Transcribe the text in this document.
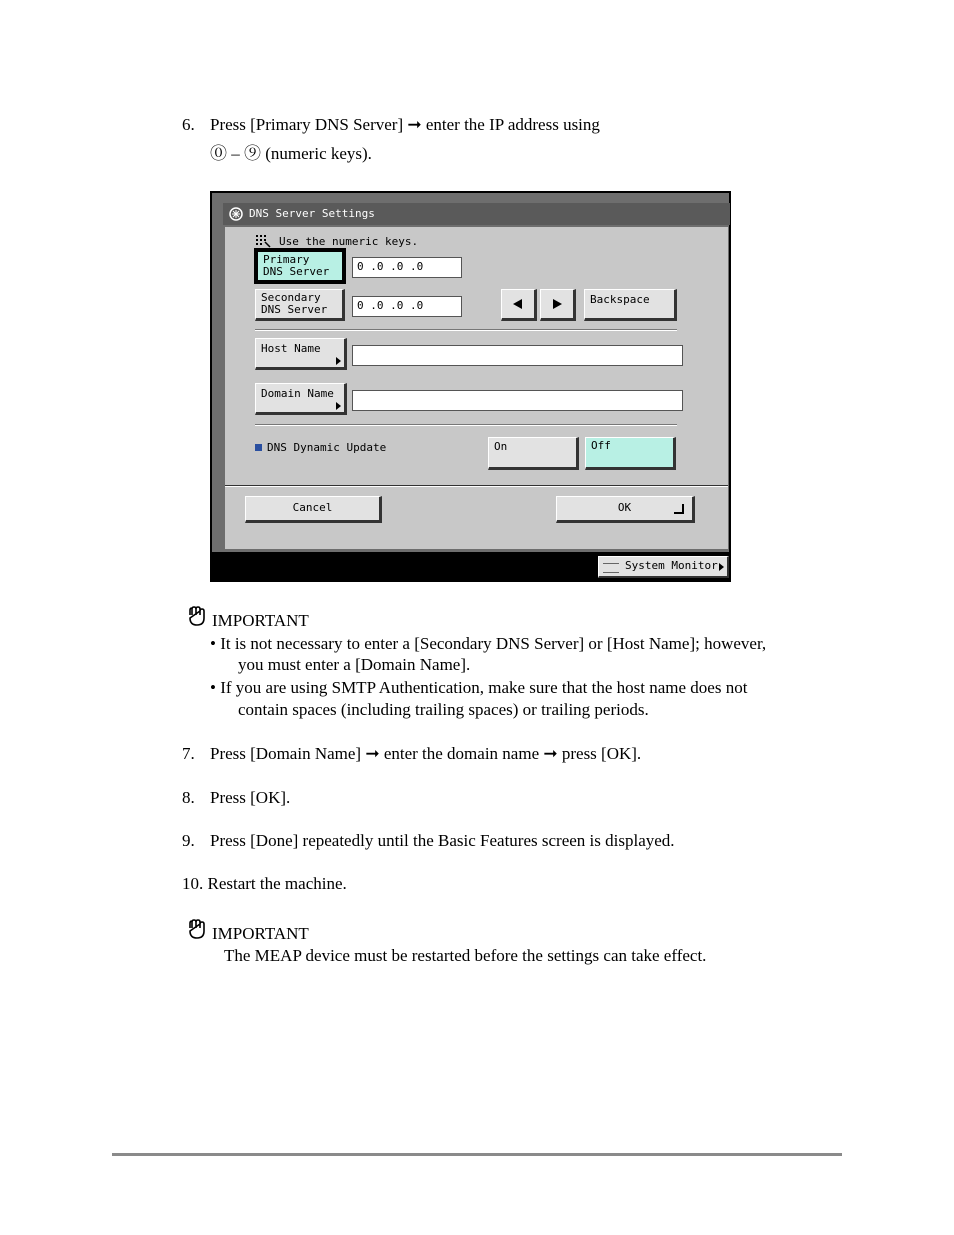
6. Press [Primary DNS Server] ➞ enter the IP address using
⓪ – ⑨ (numeric keys).
DNS Server Settings
Use the numeric keys.
Primary
DNS Server	0 .0 .0 .0
Secondary
DNS Server	0 .0 .0 .0	Backspace
Host Name
Domain Name
DNS Dynamic Update	On	Off
Cancel	OK
System Monitor
IMPORTANT
• It is not necessary to enter a [Secondary DNS Server] or [Host Name]; however,
you must enter a [Domain Name].
• If you are using SMTP Authentication, make sure that the host name does not
contain spaces (including trailing spaces) or trailing periods.
7. Press [Domain Name] ➞ enter the domain name ➞ press [OK].
8. Press [OK].
9. Press [Done] repeatedly until the Basic Features screen is displayed.
10. Restart the machine.
IMPORTANT
The MEAP device must be restarted before the settings can take effect.
